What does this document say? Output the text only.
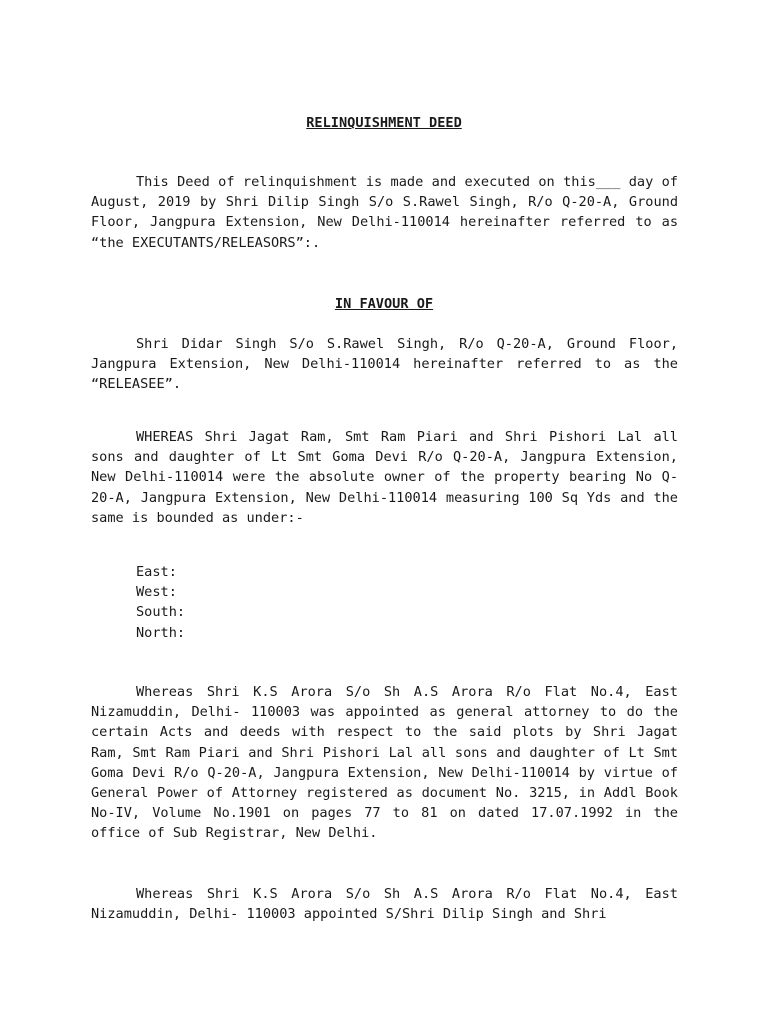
RELINQUISHMENT DEED

This Deed of relinquishment is made and executed on this___ day of August, 2019 by Shri Dilip Singh S/o S.Rawel Singh, R/o Q-20-A, Ground Floor, Jangpura Extension, New Delhi-110014 hereinafter referred to as “the EXECUTANTS/RELEASORS”:.

IN FAVOUR OF

Shri Didar Singh S/o S.Rawel Singh, R/o Q-20-A, Ground Floor, Jangpura Extension, New Delhi-110014 hereinafter referred to as the “RELEASEE”.

WHEREAS Shri Jagat Ram, Smt Ram Piari and Shri Pishori Lal all sons and daughter of Lt Smt Goma Devi R/o Q-20-A, Jangpura Extension, New Delhi-110014 were the absolute owner of the property bearing No Q-20-A, Jangpura Extension, New Delhi-110014 measuring 100 Sq Yds and the same is bounded as under:-

East:
West:
South:
North:

Whereas Shri K.S Arora S/o Sh A.S Arora R/o Flat No.4, East Nizamuddin, Delhi- 110003 was appointed as general attorney to do the certain Acts and deeds with respect to the said plots by Shri Jagat Ram, Smt Ram Piari and Shri Pishori Lal all sons and daughter of Lt Smt Goma Devi R/o Q-20-A, Jangpura Extension, New Delhi-110014 by virtue of General Power of Attorney registered as document No. 3215, in Addl Book No-IV, Volume No.1901 on pages 77 to 81 on dated 17.07.1992 in the office of Sub Registrar, New Delhi.

Whereas Shri K.S Arora S/o Sh A.S Arora R/o Flat No.4, East Nizamuddin, Delhi- 110003 appointed S/Shri Dilip Singh and Shri
